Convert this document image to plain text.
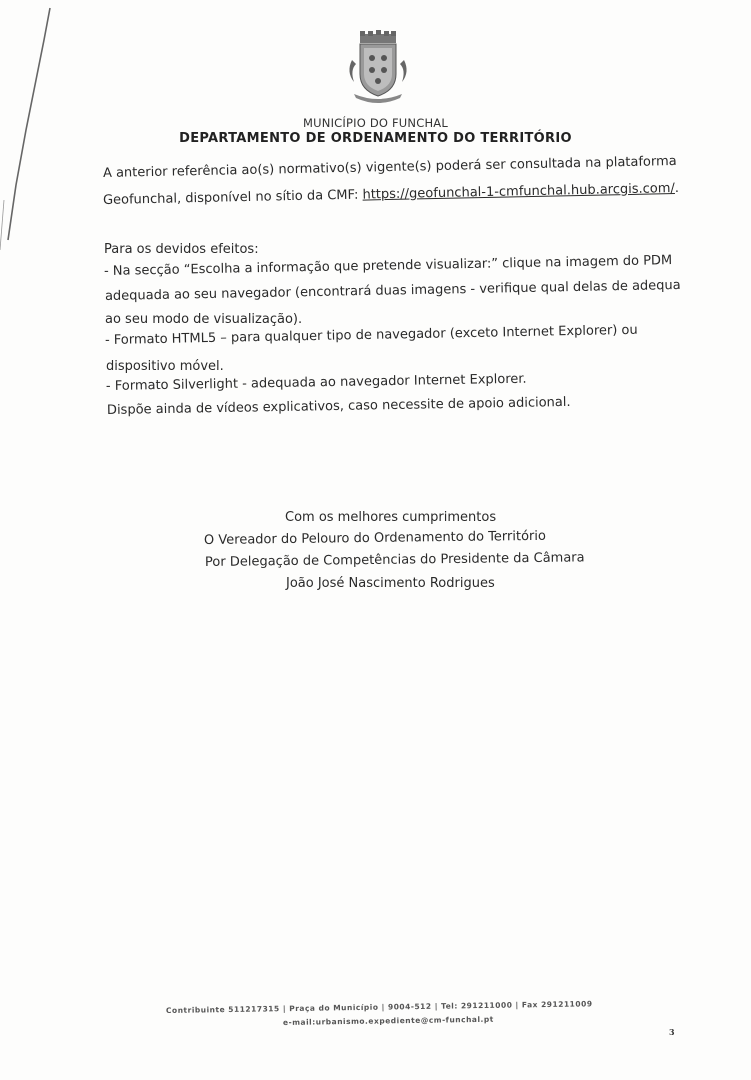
MUNICÍPIO DO FUNCHAL
DEPARTAMENTO DE ORDENAMENTO DO TERRITÓRIO
A anterior referência ao(s) normativo(s) vigente(s) poderá ser consultada na plataforma
Geofunchal, disponível no sítio da CMF: https://geofunchal-1-cmfunchal.hub.arcgis.com/.
Para os devidos efeitos:
- Na secção “Escolha a informação que pretende visualizar:” clique na imagem do PDM
adequada ao seu navegador (encontrará duas imagens - verifique qual delas de adequa
ao seu modo de visualização).
- Formato HTML5 – para qualquer tipo de navegador (exceto Internet Explorer) ou
dispositivo móvel.
- Formato Silverlight - adequada ao navegador Internet Explorer.
Dispõe ainda de vídeos explicativos, caso necessite de apoio adicional.
Com os melhores cumprimentos
O Vereador do Pelouro do Ordenamento do Território
Por Delegação de Competências do Presidente da Câmara
João José Nascimento Rodrigues
Contribuinte 511217315 | Praça do Município | 9004-512 | Tel: 291211000 | Fax 291211009
e-mail:urbanismo.expediente@cm-funchal.pt
3
